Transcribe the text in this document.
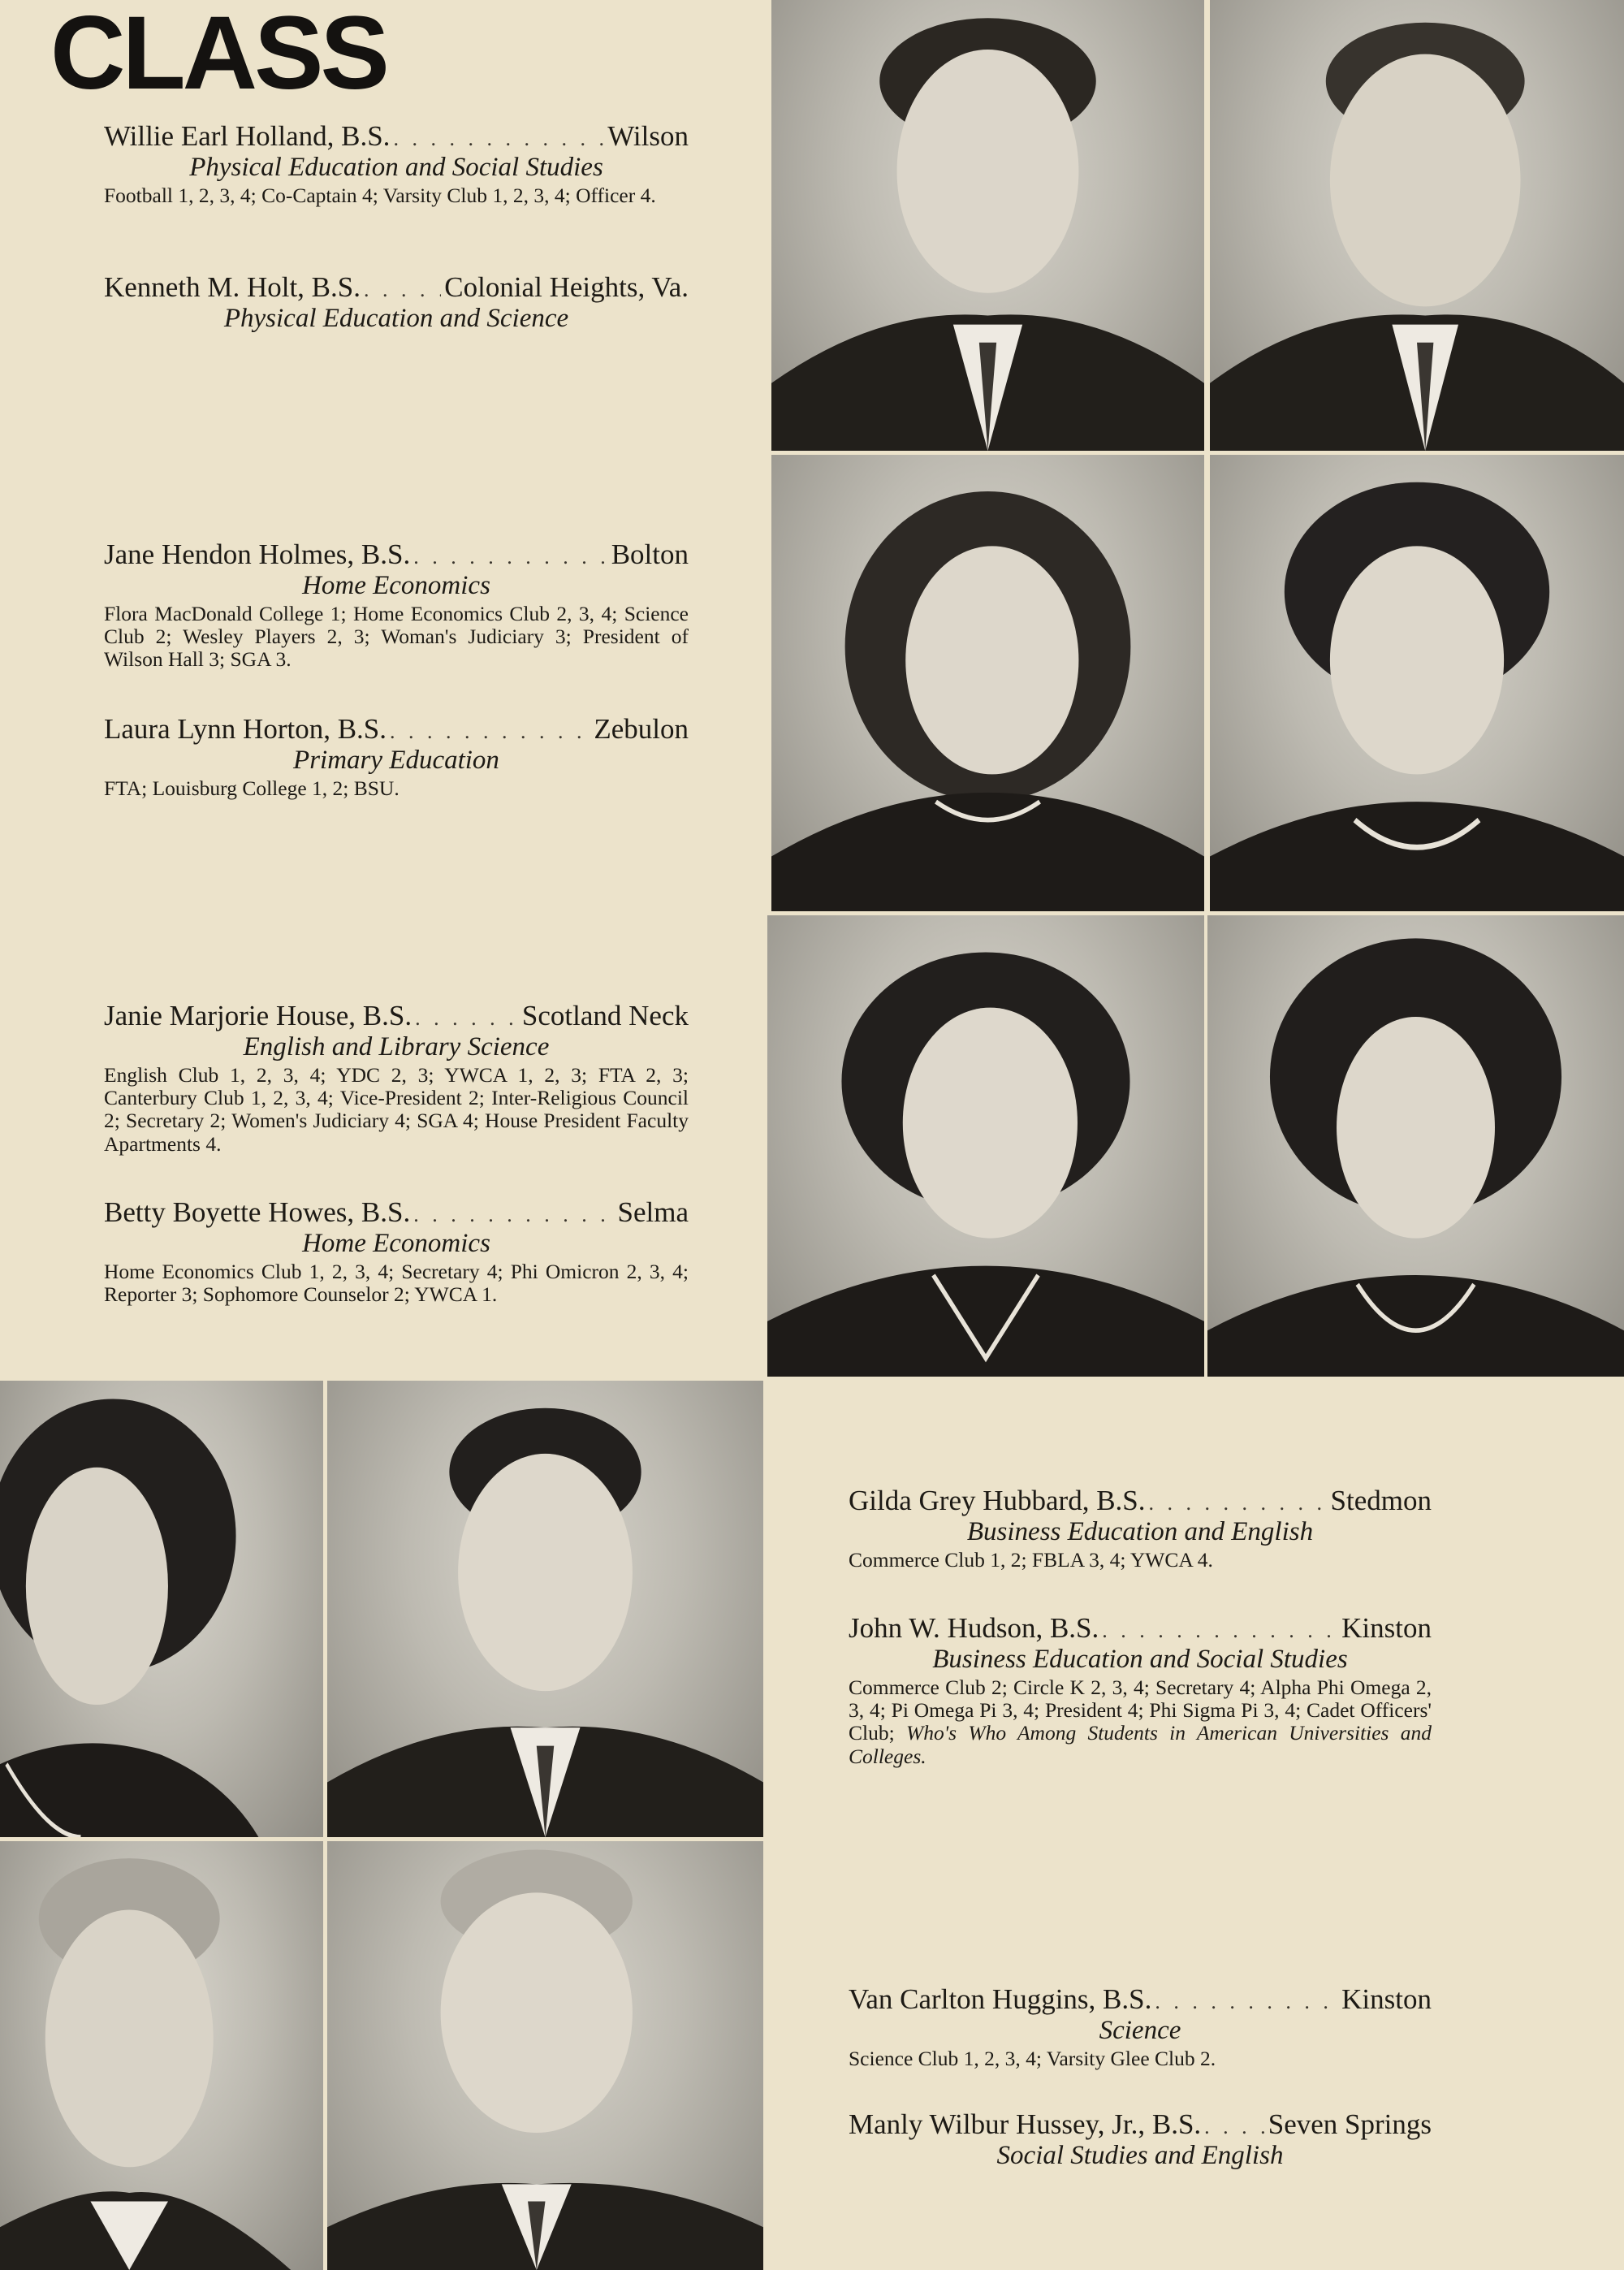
CLASS
Willie Earl Holland, B.S. . . .	Wilson
Physical Education and Social Studies
Football 1, 2, 3, 4; Co-Captain 4; Varsity Club 1, 2, 3, 4; Officer 4.
Kenneth M. Holt, B.S. . . .	Colonial Heights, Va.
Physical Education and Science
Jane Hendon Holmes, B.S. . . .	Bolton
Home Economics
Flora MacDonald College 1; Home Economics Club 2, 3, 4; Science Club 2; Wesley Players 2, 3; Woman's Judiciary 3; President of Wilson Hall 3; SGA 3.
Laura Lynn Horton, B.S. . . .	Zebulon
Primary Education
FTA; Louisburg College 1, 2; BSU.
Janie Marjorie House, B.S. . . .	Scotland Neck
English and Library Science
English Club 1, 2, 3, 4; YDC 2, 3; YWCA 1, 2, 3; FTA 2, 3; Canterbury Club 1, 2, 3, 4; Vice-President 2; Inter-Religious Council 2; Secretary 2; Women's Judiciary 4; SGA 4; House President Faculty Apartments 4.
Betty Boyette Howes, B.S. . . .	Selma
Home Economics
Home Economics Club 1, 2, 3, 4; Secretary 4; Phi Omicron 2, 3, 4; Reporter 3; Sophomore Counselor 2; YWCA 1.
Gilda Grey Hubbard, B.S. . . .	Stedmon
Business Education and English
Commerce Club 1, 2; FBLA 3, 4; YWCA 4.
John W. Hudson, B.S. . . .	Kinston
Business Education and Social Studies
Commerce Club 2; Circle K 2, 3, 4; Secretary 4; Alpha Phi Omega 2, 3, 4; Pi Omega Pi 3, 4; President 4; Phi Sigma Pi 3, 4; Cadet Officers' Club; Who's Who Among Students in American Universities and Colleges.
Van Carlton Huggins, B.S. . . .	Kinston
Science
Science Club 1, 2, 3, 4; Varsity Glee Club 2.
Manly Wilbur Hussey, Jr., B.S. . . . Seven Springs
Social Studies and English
